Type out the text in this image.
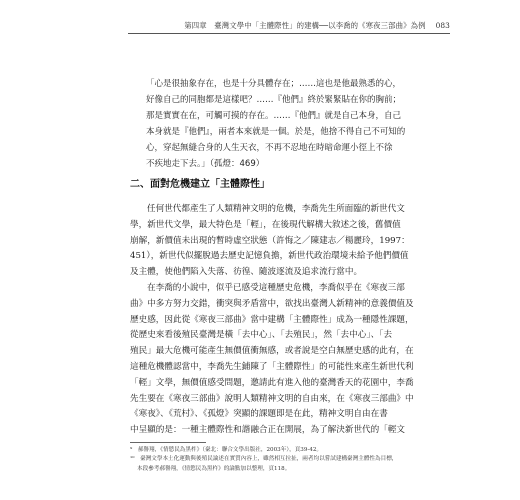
第四章　臺灣文學中「主體際性」的建構──以李喬的《寒夜三部曲》為例 083
「心是很抽象存在，也是十分具體存在；……這也是他最熟悉的心，
好像自己的同胞都是這樣吧？……『他們』終於緊緊貼在你的胸前；
那是實實在在，可觸可摸的存在。……『他們』就是自己本身，自己
本身就是『他們』，兩者本來就是一個。於是，他捨不得自己不可知的
心，穿起無縫合身的人生天衣，不再不忍地在時暗命運小徑上不徐
不疾地走下去。」（孤燈：469）
二、面對危機建立「主體際性」
任何世代都產生了人類精神文明的危機，李喬先生所面臨的新世代文
學，新世代文學，最大特色是「輕」，在後現代解構大敘述之後，舊價值
崩解，新價值未出現的暫時虛空狀態（許悔之／陳建志／楊麗玲，1997：
451），新世代似擺脫過去歷史記憶負擔，新世代政治環境未給予他們價值
及主體，使他們陷入失落、彷徨、隨波逐流及追求流行當中。
在李喬的小說中，似乎已感受這種歷史危機，李喬似乎在《寒夜三部
曲》中多方努力交錯，衝突與矛盾當中，欲找出臺灣人新精神的意義價值及
歷史感，因此從《寒夜三部曲》當中建構「主體際性」成為一種隱性課題，
從歷史來看後殖民臺灣是橫「去中心」、「去殖民」，然「去中心」、「去
殖民」最大危機可能產生無價值衝無感，或者說是空白無歷史感的此有，在
這種危機體認當中，李喬先生鋪陳了「主體際性」的可能性來產生新世代利
「輕」文學，無價值感受問題，邀請此有進入他的臺灣香天的花園中，李喬
先生要在《寒夜三部曲》說明人類精神文明的自由來，在《寒夜三部曲》中
《寒夜》、《荒村》、《孤燈》突顯的課題即是在此，精神文明自由在書
中呈顯的是：一種主體際性和諧融合正在開展，為了解決新世代的「輕文
⁹　郝譽翔，《情慾民為黑杵》（臺北：聯合文學出版社，2003年），頁39-42。
¹⁰　臺灣文學本土化運動與後殖民論述在實質內容上，雖然相互拉扯，兩者均以嘗試建構臺灣主體性為目標，
本段參考郝譽翔，《情慾民為黑杵》的論點加以整理，頁118。
